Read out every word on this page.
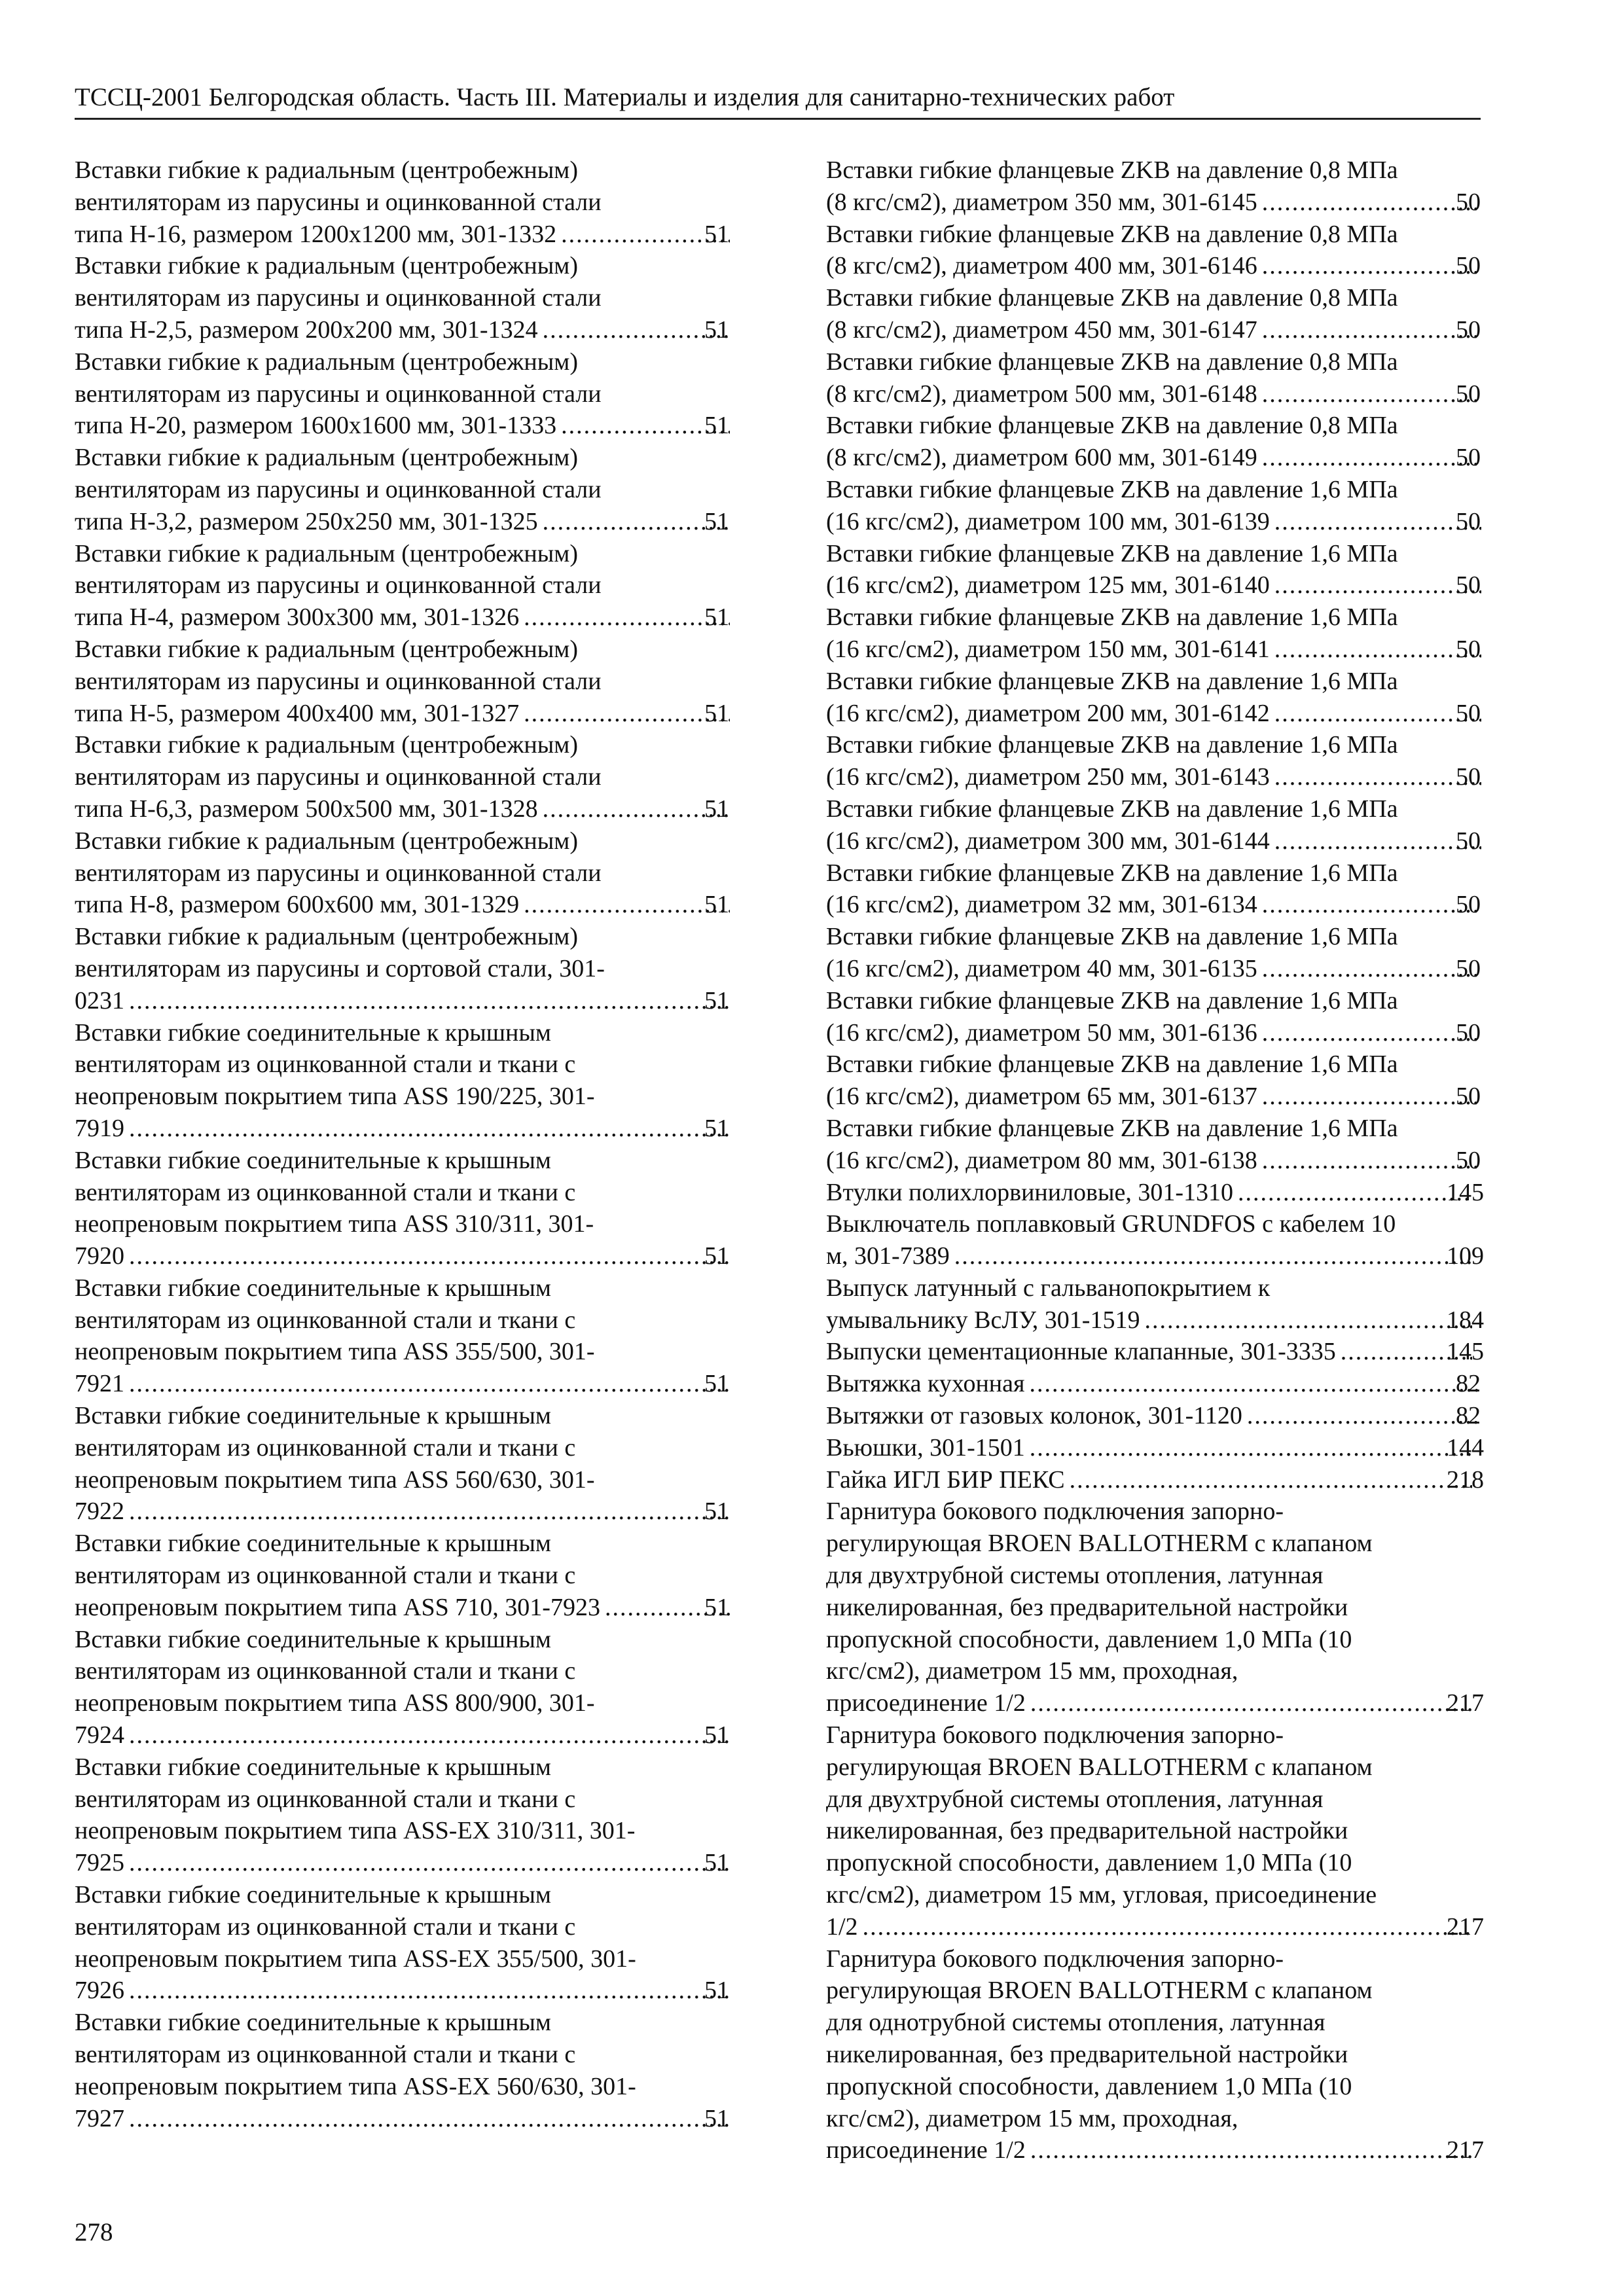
ТССЦ-2001 Белгородская область. Часть III. Материалы и изделия для санитарно-технических работ
Вставки гибкие к радиальным (центробежным)
вентиляторам из парусины и оцинкованной стали
типа Н-16, размером 1200х1200 мм, 301-1332 .....	51
Вставки гибкие к радиальным (центробежным)
вентиляторам из парусины и оцинкованной стали
типа Н-2,5, размером 200х200 мм, 301-1324 .....	51
Вставки гибкие к радиальным (центробежным)
вентиляторам из парусины и оцинкованной стали
типа Н-20, размером 1600х1600 мм, 301-1333 .....	51
Вставки гибкие к радиальным (центробежным)
вентиляторам из парусины и оцинкованной стали
типа Н-3,2, размером 250х250 мм, 301-1325 .....	51
Вставки гибкие к радиальным (центробежным)
вентиляторам из парусины и оцинкованной стали
типа Н-4, размером 300х300 мм, 301-1326 .....	51
Вставки гибкие к радиальным (центробежным)
вентиляторам из парусины и оцинкованной стали
типа Н-5, размером 400х400 мм, 301-1327 .....	51
Вставки гибкие к радиальным (центробежным)
вентиляторам из парусины и оцинкованной стали
типа Н-6,3, размером 500х500 мм, 301-1328 .....	51
Вставки гибкие к радиальным (центробежным)
вентиляторам из парусины и оцинкованной стали
типа Н-8, размером 600х600 мм, 301-1329 .....	51
Вставки гибкие к радиальным (центробежным)
вентиляторам из парусины и сортовой стали, 301-
0231 .....	51
Вставки гибкие соединительные к крышным
вентиляторам из оцинкованной стали и ткани с
неопреновым покрытием типа ASS 190/225, 301-
7919 .....	51
Вставки гибкие соединительные к крышным
вентиляторам из оцинкованной стали и ткани с
неопреновым покрытием типа ASS 310/311, 301-
7920 .....	51
Вставки гибкие соединительные к крышным
вентиляторам из оцинкованной стали и ткани с
неопреновым покрытием типа ASS 355/500, 301-
7921 .....	51
Вставки гибкие соединительные к крышным
вентиляторам из оцинкованной стали и ткани с
неопреновым покрытием типа ASS 560/630, 301-
7922 .....	51
Вставки гибкие соединительные к крышным
вентиляторам из оцинкованной стали и ткани с
неопреновым покрытием типа ASS 710, 301-7923 .....	51
Вставки гибкие соединительные к крышным
вентиляторам из оцинкованной стали и ткани с
неопреновым покрытием типа ASS 800/900, 301-
7924 .....	51
Вставки гибкие соединительные к крышным
вентиляторам из оцинкованной стали и ткани с
неопреновым покрытием типа ASS-EX 310/311, 301-
7925 .....	51
Вставки гибкие соединительные к крышным
вентиляторам из оцинкованной стали и ткани с
неопреновым покрытием типа ASS-EX 355/500, 301-
7926 .....	51
Вставки гибкие соединительные к крышным
вентиляторам из оцинкованной стали и ткани с
неопреновым покрытием типа ASS-EX 560/630, 301-
7927 .....	51
Вставки гибкие фланцевые ZKB на давление 0,8 МПа
(8 кгс/см2), диаметром 350 мм, 301-6145 .....	50
Вставки гибкие фланцевые ZKB на давление 0,8 МПа
(8 кгс/см2), диаметром 400 мм, 301-6146 .....	50
Вставки гибкие фланцевые ZKB на давление 0,8 МПа
(8 кгс/см2), диаметром 450 мм, 301-6147 .....	50
Вставки гибкие фланцевые ZKB на давление 0,8 МПа
(8 кгс/см2), диаметром 500 мм, 301-6148 .....	50
Вставки гибкие фланцевые ZKB на давление 0,8 МПа
(8 кгс/см2), диаметром 600 мм, 301-6149 .....	50
Вставки гибкие фланцевые ZKB на давление 1,6 МПа
(16 кгс/см2), диаметром 100 мм, 301-6139 .....	50
Вставки гибкие фланцевые ZKB на давление 1,6 МПа
(16 кгс/см2), диаметром 125 мм, 301-6140 .....	50
Вставки гибкие фланцевые ZKB на давление 1,6 МПа
(16 кгс/см2), диаметром 150 мм, 301-6141 .....	50
Вставки гибкие фланцевые ZKB на давление 1,6 МПа
(16 кгс/см2), диаметром 200 мм, 301-6142 .....	50
Вставки гибкие фланцевые ZKB на давление 1,6 МПа
(16 кгс/см2), диаметром 250 мм, 301-6143 .....	50
Вставки гибкие фланцевые ZKB на давление 1,6 МПа
(16 кгс/см2), диаметром 300 мм, 301-6144 .....	50
Вставки гибкие фланцевые ZKB на давление 1,6 МПа
(16 кгс/см2), диаметром 32 мм, 301-6134 .....	50
Вставки гибкие фланцевые ZKB на давление 1,6 МПа
(16 кгс/см2), диаметром 40 мм, 301-6135 .....	50
Вставки гибкие фланцевые ZKB на давление 1,6 МПа
(16 кгс/см2), диаметром 50 мм, 301-6136 .....	50
Вставки гибкие фланцевые ZKB на давление 1,6 МПа
(16 кгс/см2), диаметром 65 мм, 301-6137 .....	50
Вставки гибкие фланцевые ZKB на давление 1,6 МПа
(16 кгс/см2), диаметром 80 мм, 301-6138 .....	50
Втулки полихлорвиниловые, 301-1310 .....	145
Выключатель поплавковый GRUNDFOS с кабелем 10
м, 301-7389 .....	109
Выпуск латунный с гальванопокрытием к
умывальнику ВсЛУ, 301-1519 .....	184
Выпуски цементационные клапанные, 301-3335 .....	145
Вытяжка кухонная .....	82
Вытяжки от газовых колонок, 301-1120 .....	82
Вьюшки, 301-1501 .....	144
Гайка ИГЛ БИР ПЕКС .....	218
Гарнитура бокового подключения запорно-
регулирующая BROEN BALLOTHERM с клапаном
для двухтрубной системы отопления, латунная
никелированная, без предварительной настройки
пропускной способности, давлением 1,0 МПа (10
кгс/см2), диаметром 15 мм, проходная,
присоединение 1/2 .....	217
Гарнитура бокового подключения запорно-
регулирующая BROEN BALLOTHERM с клапаном
для двухтрубной системы отопления, латунная
никелированная, без предварительной настройки
пропускной способности, давлением 1,0 МПа (10
кгс/см2), диаметром 15 мм, угловая, присоединение
1/2 .....	217
Гарнитура бокового подключения запорно-
регулирующая BROEN BALLOTHERM с клапаном
для однотрубной системы отопления, латунная
никелированная, без предварительной настройки
пропускной способности, давлением 1,0 МПа (10
кгс/см2), диаметром 15 мм, проходная,
присоединение 1/2 .....	217
278
